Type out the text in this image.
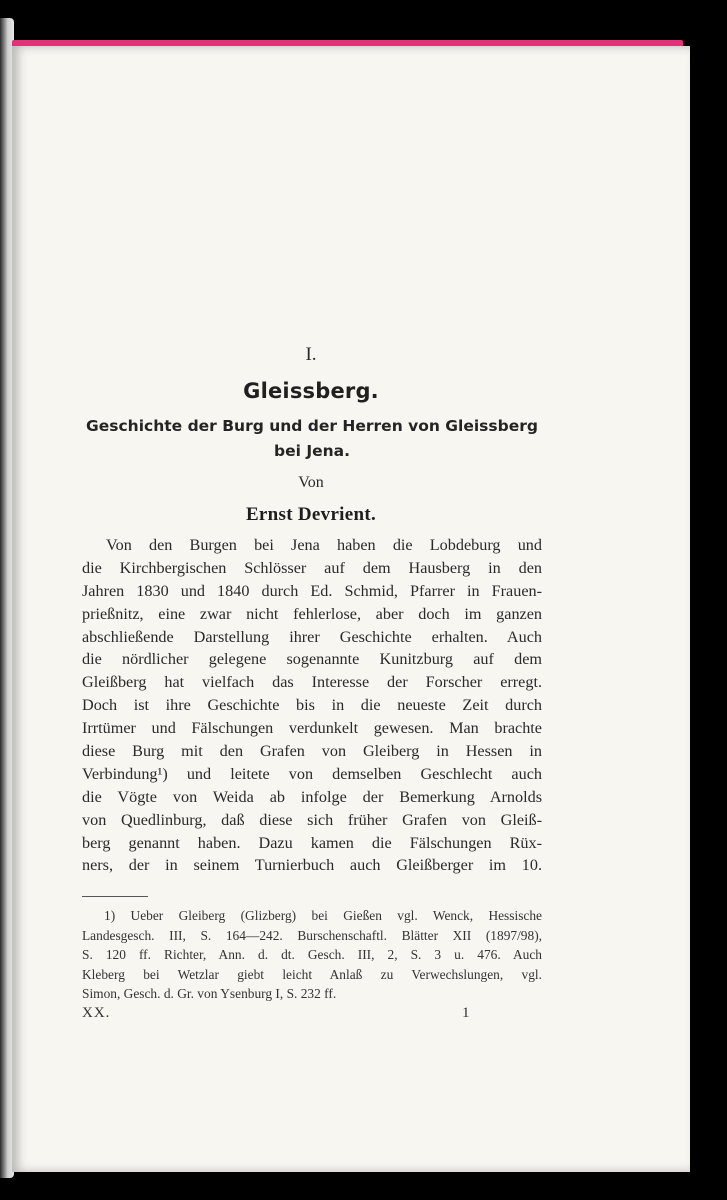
I.
Gleissberg.
Geschichte der Burg und der Herren von Gleissberg
bei Jena.
Von
Ernst Devrient.
Von den Burgen bei Jena haben die Lobdeburg und
die Kirchbergischen Schlösser auf dem Hausberg in den
Jahren 1830 und 1840 durch Ed. Schmid, Pfarrer in Frauen-
prießnitz, eine zwar nicht fehlerlose, aber doch im ganzen
abschließende Darstellung ihrer Geschichte erhalten. Auch
die nördlicher gelegene sogenannte Kunitzburg auf dem
Gleißberg hat vielfach das Interesse der Forscher erregt.
Doch ist ihre Geschichte bis in die neueste Zeit durch
Irrtümer und Fälschungen verdunkelt gewesen. Man brachte
diese Burg mit den Grafen von Gleiberg in Hessen in
Verbindung¹) und leitete von demselben Geschlecht auch
die Vögte von Weida ab infolge der Bemerkung Arnolds
von Quedlinburg, daß diese sich früher Grafen von Gleiß-
berg genannt haben. Dazu kamen die Fälschungen Rüx-
ners, der in seinem Turnierbuch auch Gleißberger im 10.
1) Ueber Gleiberg (Glizberg) bei Gießen vgl. Wenck, Hessische
Landesgesch. III, S. 164—242. Burschenschaftl. Blätter XII (1897/98),
S. 120 ff. Richter, Ann. d. dt. Gesch. III, 2, S. 3 u. 476. Auch
Kleberg bei Wetzlar giebt leicht Anlaß zu Verwechslungen, vgl.
Simon, Gesch. d. Gr. von Ysenburg I, S. 232 ff.
XX.	1
